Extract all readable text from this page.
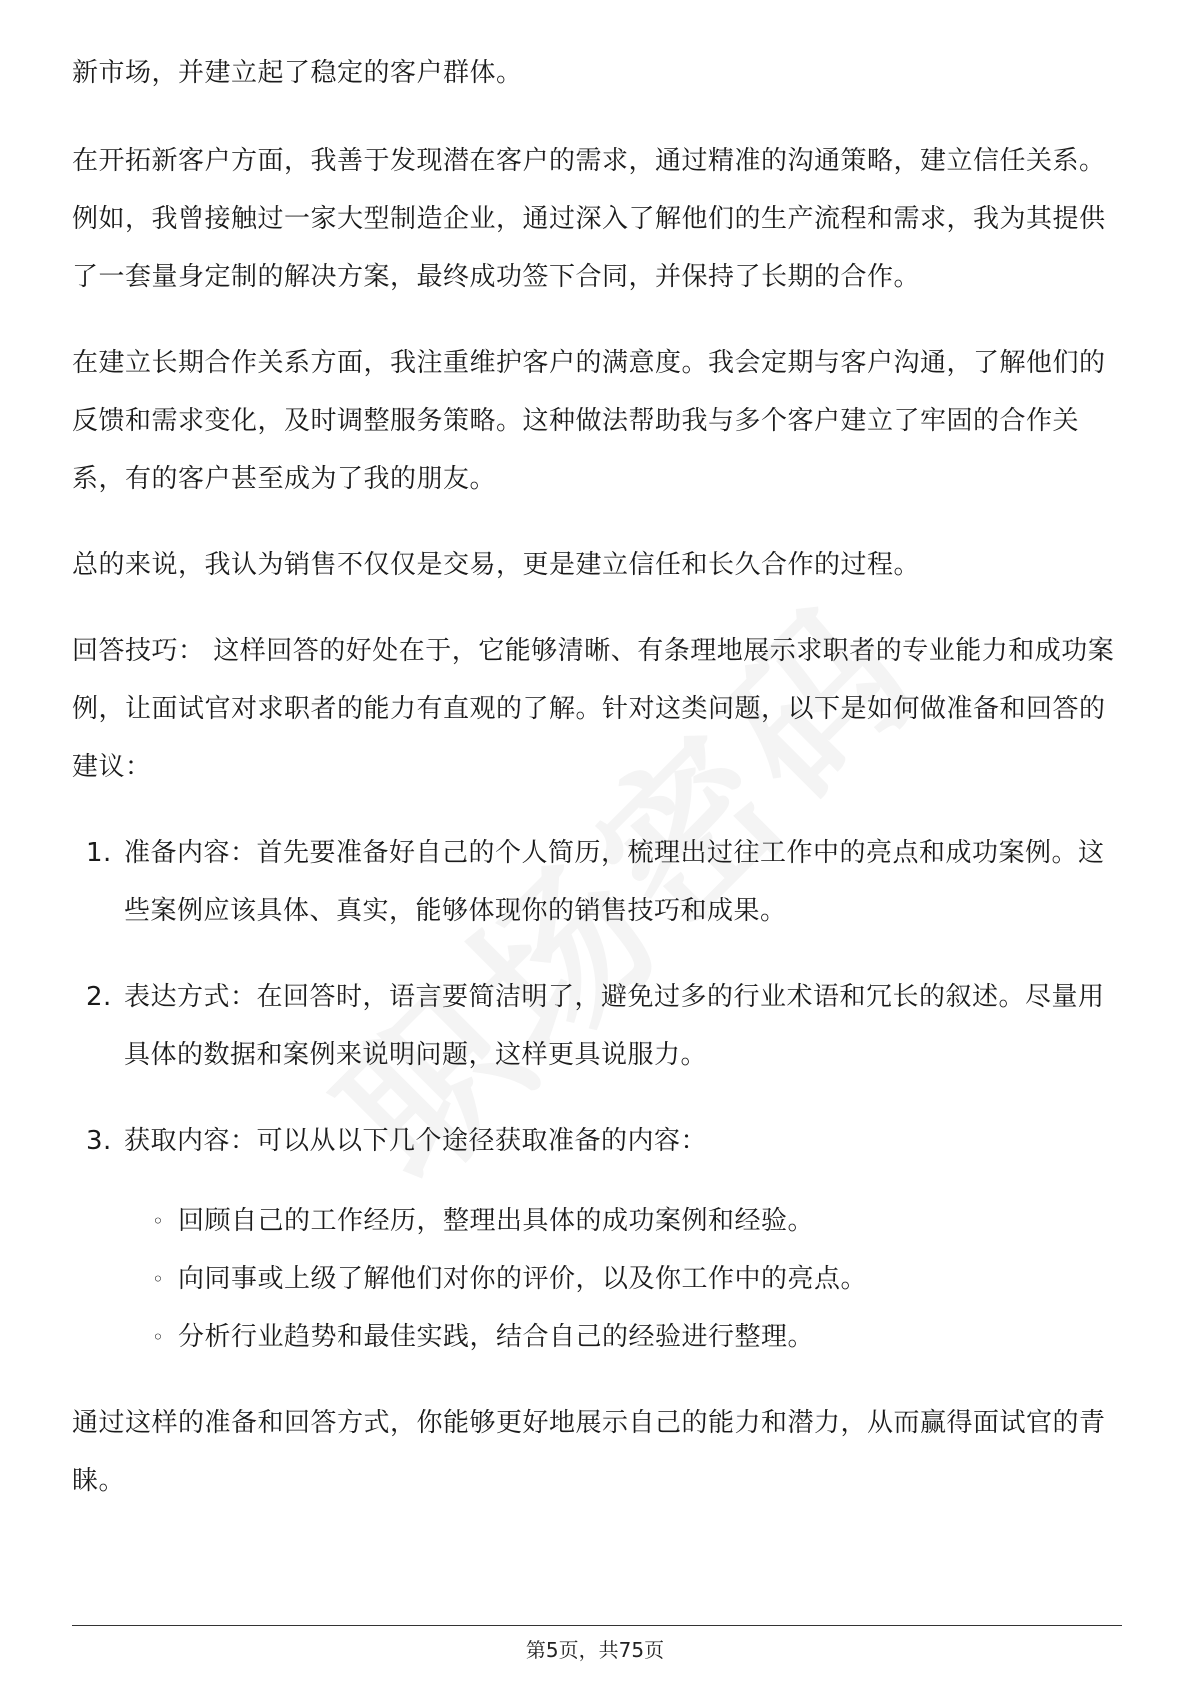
新市场，并建立起了稳定的客户群体。

在开拓新客户方面，我善于发现潜在客户的需求，通过精准的沟通策略，建立信任关系。例如，我曾接触过一家大型制造企业，通过深入了解他们的生产流程和需求，我为其提供了一套量身定制的解决方案，最终成功签下合同，并保持了长期的合作。

在建立长期合作关系方面，我注重维护客户的满意度。我会定期与客户沟通，了解他们的反馈和需求变化，及时调整服务策略。这种做法帮助我与多个客户建立了牢固的合作关系，有的客户甚至成为了我的朋友。

总的来说，我认为销售不仅仅是交易，更是建立信任和长久合作的过程。

回答技巧： 这样回答的好处在于，它能够清晰、有条理地展示求职者的专业能力和成功案例，让面试官对求职者的能力有直观的了解。针对这类问题，以下是如何做准备和回答的建议：

1. 准备内容：首先要准备好自己的个人简历，梳理出过往工作中的亮点和成功案例。这些案例应该具体、真实，能够体现你的销售技巧和成果。
2. 表达方式：在回答时，语言要简洁明了，避免过多的行业术语和冗长的叙述。尽量用具体的数据和案例来说明问题，这样更具说服力。
3. 获取内容：可以从以下几个途径获取准备的内容：
◦ 回顾自己的工作经历，整理出具体的成功案例和经验。
◦ 向同事或上级了解他们对你的评价，以及你工作中的亮点。
◦ 分析行业趋势和最佳实践，结合自己的经验进行整理。

通过这样的准备和回答方式，你能够更好地展示自己的能力和潜力，从而赢得面试官的青睐。

第5页，共75页
